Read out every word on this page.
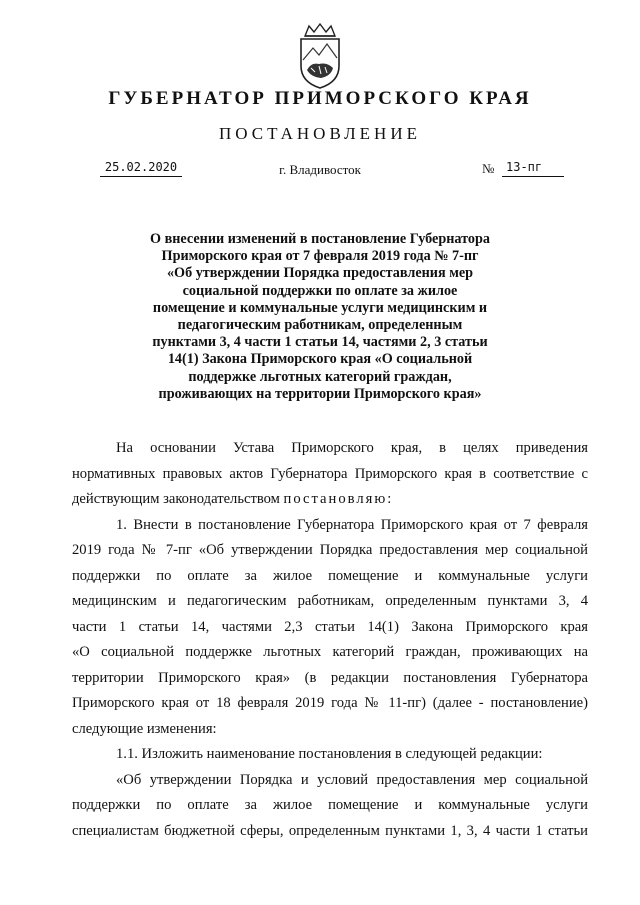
ГУБЕРНАТОР ПРИМОРСКОГО КРАЯ
ПОСТАНОВЛЕНИЕ
25.02.2020	г. Владивосток	№ 13-пг
О внесении изменений в постановление Губернатора
Приморского края от 7 февраля 2019 года № 7-пг
«Об утверждении Порядка предоставления мер
социальной поддержки по оплате за жилое
помещение и коммунальные услуги медицинским и
педагогическим работникам, определенным
пунктами 3, 4 части 1 статьи 14, частями 2, 3 статьи
14(1) Закона Приморского края «О социальной
поддержке льготных категорий граждан,
проживающих на территории Приморского края»
На основании Устава Приморского края, в целях приведения
нормативных правовых актов Губернатора Приморского края в соответствие с
действующим законодательством постановляю:
1. Внести в постановление Губернатора Приморского края от 7 февраля
2019 года № 7-пг «Об утверждении Порядка предоставления мер социальной
поддержки по оплате за жилое помещение и коммунальные услуги
медицинским и педагогическим работникам, определенным пунктами 3, 4
части 1 статьи 14, частями 2,3 статьи 14(1) Закона Приморского края
«О социальной поддержке льготных категорий граждан, проживающих на
территории Приморского края» (в редакции постановления Губернатора
Приморского края от 18 февраля 2019 года № 11-пг) (далее - постановление)
следующие изменения:
1.1. Изложить наименование постановления в следующей редакции:
«Об утверждении Порядка и условий предоставления мер социальной
поддержки по оплате за жилое помещение и коммунальные услуги
специалистам бюджетной сферы, определенным пунктами 1, 3, 4 части 1 статьи
